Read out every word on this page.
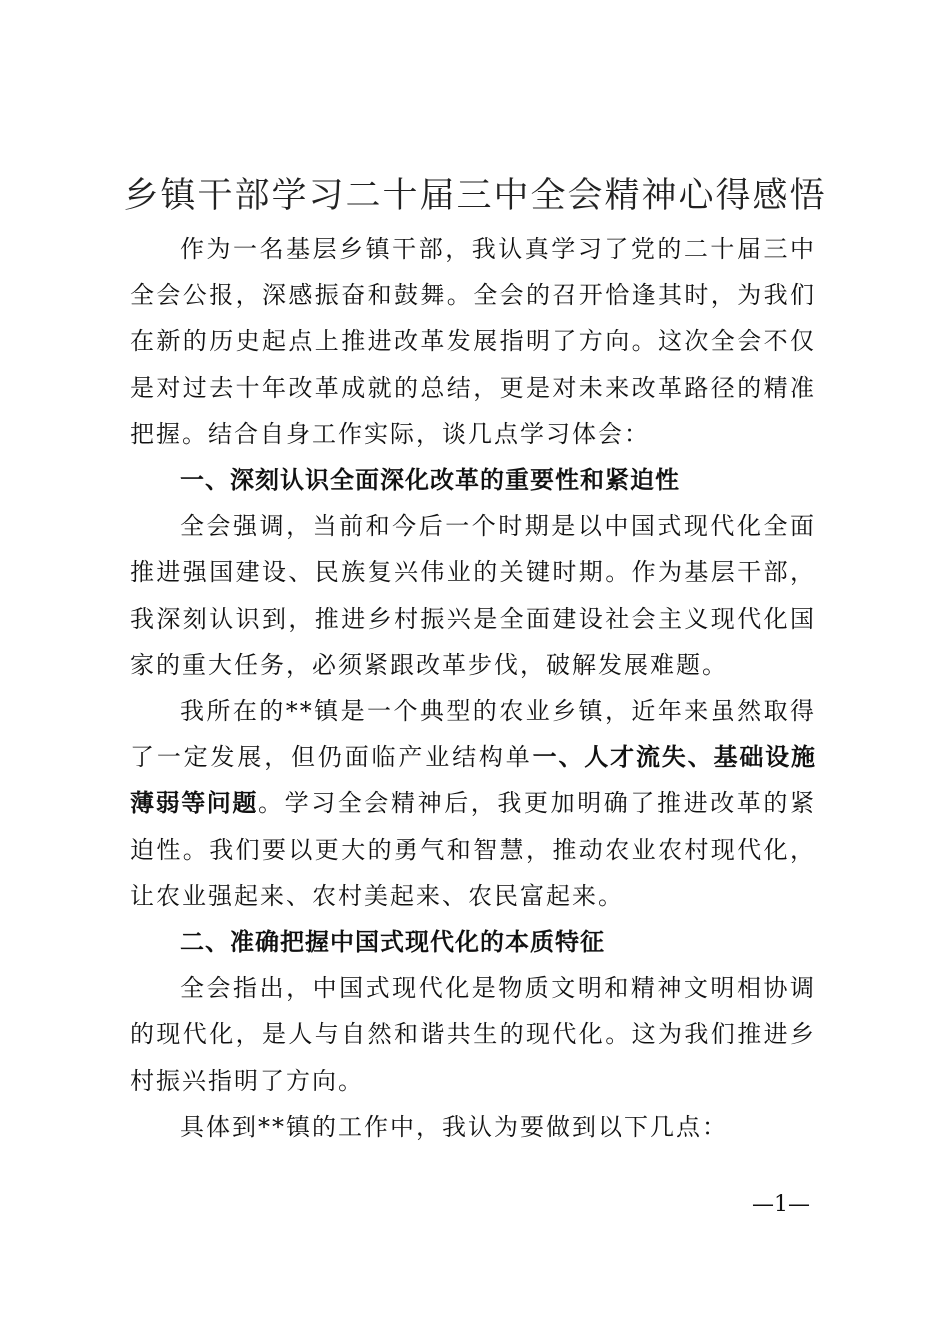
乡镇干部学习二十届三中全会精神心得感悟

作为一名基层乡镇干部，我认真学习了党的二十届三中全会公报，深感振奋和鼓舞。全会的召开恰逢其时，为我们在新的历史起点上推进改革发展指明了方向。这次全会不仅是对过去十年改革成就的总结，更是对未来改革路径的精准把握。结合自身工作实际，谈几点学习体会：

一、深刻认识全面深化改革的重要性和紧迫性

全会强调，当前和今后一个时期是以中国式现代化全面推进强国建设、民族复兴伟业的关键时期。作为基层干部，我深刻认识到，推进乡村振兴是全面建设社会主义现代化国家的重大任务，必须紧跟改革步伐，破解发展难题。

我所在的**镇是一个典型的农业乡镇，近年来虽然取得了一定发展，但仍面临产业结构单一、人才流失、基础设施薄弱等问题。学习全会精神后，我更加明确了推进改革的紧迫性。我们要以更大的勇气和智慧，推动农业农村现代化，让农业强起来、农村美起来、农民富起来。

二、准确把握中国式现代化的本质特征

全会指出，中国式现代化是物质文明和精神文明相协调的现代化，是人与自然和谐共生的现代化。这为我们推进乡村振兴指明了方向。

具体到**镇的工作中，我认为要做到以下几点：

—1—
